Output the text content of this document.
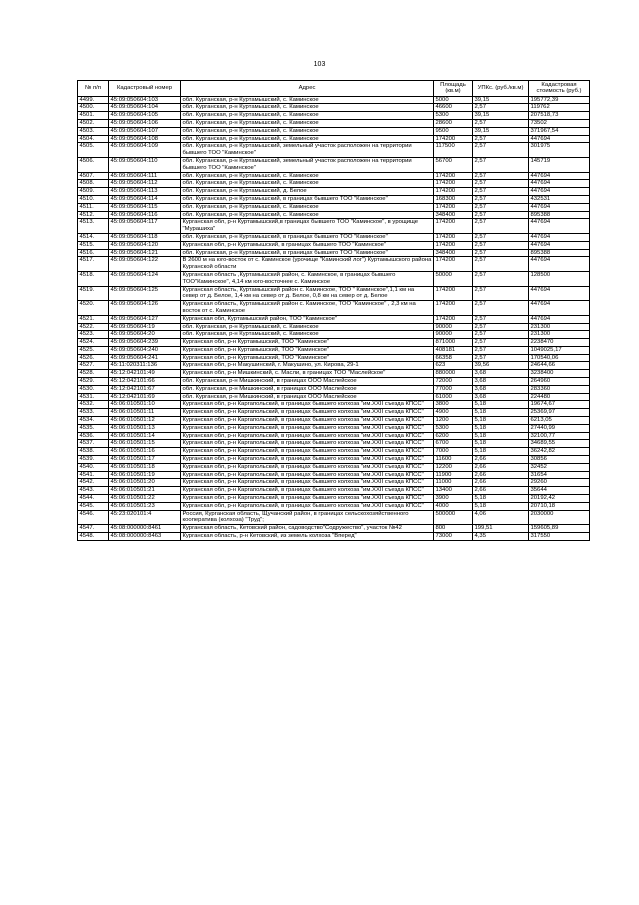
103
№ п/п	Кадастровый номер	Адрес	Площадь (кв.м)	УПКс. (руб./кв.м)	Кадастровая стоимость (руб.)
4499.	45:09:050604:103	обл. Курганская, р-н Куртамышский, с. Каминское	5000	39,15	195772,39
4500.	45:09:050604:104	обл. Курганская, р-н Куртамышский, с. Каминское	46600	2,57	119762
4501.	45:09:050604:105	обл. Курганская, р-н Куртамышский, с. Каминское	5300	39,15	207518,73
4502.	45:09:050604:106	обл. Курганская, р-н Куртамышский, с. Каминское	28600	2,57	73502
4503.	45:09:050604:107	обл. Курганская, р-н Куртамышский, с. Каминское	9500	39,15	371967,54
4504.	45:09:050604:108	обл. Курганская, р-н Куртамышский, с. Каминское	174200	2,57	447694
4505.	45:09:050604:109	обл. Курганская, р-н Куртамышский, земельный участок расположен на территории бывшего ТОО "Каминское"	117500	2,57	301975
4506.	45:09:050604:110	обл. Курганская, р-н Куртамышский, земельный участок расположен на территории бывшего ТОО "Каминское"	56700	2,57	145719
4507.	45:09:050604:111	обл. Курганская, р-н Куртамышский, с. Каминское	174200	2,57	447694
4508.	45:09:050604:112	обл. Курганская, р-н Куртамышский, с. Каминское	174200	2,57	447694
4509.	45:09:050604:113	обл. Курганская, р-н Куртамышский, д. Белое	174200	2,57	447694
4510.	45:09:050604:114	обл. Курганская, р-н Куртамышский, в границах бывшего ТОО "Каминское"	168300	2,57	432531
4511.	45:09:050604:115	обл. Курганская, р-н Куртамышский, с. Каминское	174200	2,57	447694
4512.	45:09:050604:116	обл. Курганская, р-н Куртамышский, с. Каминское	348400	2,57	895388
4513.	45:09:050604:117	Курганская обл, р-н Куртамышский,в границах бывшего ТОО "Каминское", в урощище "Мурашиха"	174200	2,57	447694
4514.	45:09:050604:118	обл. Курганская, р-н Куртамышский, в границах бывшего ТОО "Каминское"	174200	2,57	447694
4515.	45:09:050604:120	Курганская обл, р-н Куртамышский, в границах бывшего ТОО "Каминское"	174200	2,57	447694
4516.	45:09:050604:121	обл. Курганская, р-н Куртамышский, в границах бывшего ТОО "Каминское"	348400	2,57	895388
4517.	45:09:050604:122	В 2600 м на юго-восток от с. Каминское (урочище "Каминский лог") Куртамышского района Курганской области	174200	2,57	447694
4518.	45:09:050604:124	Курганская область ,Куртамышский район, с. Каминское, в границах бывшего ТОО"Каминское", 4,14 км юго-восточнее с. Каминское	50000	2,57	128500
4519.	45:09:050604:125	Курганская область, Куртамышский район с. Каминское, ТОО " Каминское",1,1 км на север от д. Белое, 1,4 км на север от д. Белое, 0,8 км на север от д. Белое	174200	2,57	447694
4520.	45:09:050604:126	Курганская область, Куртамышский район с. Каминское, ТОО "Каминское" , 2,3 км на восток от с. Каминское	174200	2,57	447694
4521.	45:09:050604:127	Курганская обл, Куртамышский район, ТОО "Каминское"	174200	2,57	447694
4522.	45:09:050604:19	обл. Курганская, р-н Куртамышский, с. Каминское	90000	2,57	231300
4523.	45:09:050604:20	обл. Курганская, р-н Куртамышский, с. Каминское	90000	2,57	231300
4524.	45:09:050604:239	Курганская обл, р-н Куртамышский, ТОО "Каминское"	871000	2,57	2238470
4525.	45:09:050604:240	Курганская обл, р-н Куртамышский, ТОО "Каминское"	408181	2,57	1049025,17
4526.	45:09:050604:241	Курганская обл, р-н Куртамышский, ТОО "Каминское"	66358	2,57	170540,06
4527.	45:11:020311:136	Курганская обл, р-н Макушинский, г. Макушино, ул. Кирова, 29-1	623	39,56	24644,66
4528.	45:12:042101:49	Курганская обл, р-н Мишкинский, с. Масли, в границах ТОО "Маслейское"	880000	3,68	3238400
4529.	45:12:042101:66	обл. Курганская, р-н Мишкинский, в границах ООО Маслейское	72000	3,68	264960
4530.	45:12:042101:67	обл. Курганская, р-н Мишкинский, в границах ООО Маслейское	77000	3,68	283360
4531.	45:12:042101:69	обл. Курганская, р-н Мишкинский, в границах ООО Маслейское	61000	3,68	224480
4532.	45:06:010501:10	Курганская обл, р-н Каргапольский, в границах бывшего колхоза "им.XXII съезда КПСС"	3800	5,18	19674,67
4533.	45:06:010501:11	Курганская обл, р-н Каргапольский, в границах бывшего колхоза "им.XXII съезда КПСС"	4900	5,18	25369,97
4534.	45:06:010501:12	Курганская обл, р-н Каргапольский, в границах бывшего колхоза "им.XXII съезда КПСС"	1200	5,18	6213,05
4535.	45:06:010501:13	Курганская обл, р-н Каргапольский, в границах бывшего колхоза "им.XXII съезда КПСС"	5300	5,18	27440,99
4536.	45:06:010501:14	Курганская обл, р-н Каргапольский, в границах бывшего колхоза "им.XXII съезда КПСС"	6200	5,18	32100,77
4537.	45:06:010501:15	Курганская обл, р-н Каргапольский, в границах бывшего колхоза "им.XXII съезда КПСС"	6700	5,18	34689,55
4538.	45:06:010501:16	Курганская обл, р-н Каргапольский, в границах бывшего колхоза "им.XXII съезда КПСС"	7000	5,18	36242,82
4539.	45:06:010501:17	Курганская обл, р-н Каргапольский, в границах бывшего колхоза "им.XXII съезда КПСС"	11600	2,66	30856
4540.	45:06:010501:18	Курганская обл, р-н Каргапольский, в границах бывшего колхоза "им.XXII съезда КПСС"	12200	2,66	32452
4541.	45:06:010501:19	Курганская обл, р-н Каргапольский, в границах бывшего колхоза "им.XXII съезда КПСС"	11900	2,66	31654
4542.	45:06:010501:20	Курганская обл, р-н Каргапольский, в границах бывшего колхоза "им.XXII съезда КПСС"	11000	2,66	29260
4543.	45:06:010501:21	Курганская обл, р-н Каргапольский, в границах бывшего колхоза "им.XXII съезда КПСС"	13400	2,66	35644
4544.	45:06:010501:22	Курганская обл, р-н Каргапольский, в границах бывшего колхоза "им.XXII съезда КПСС"	3900	5,18	20192,42
4545.	45:06:010501:23	Курганская обл, р-н Каргапольский, в границах бывшего колхоза "им.XXII съезда КПСС"	4000	5,18	20710,18
4546.	45:23:020101:4	Россия, Курганская область, Щучанский район, в границах сельскохозяйственного кооператива (колхоза) "Труд";	500000	4,06	2030000
4547.	45:08:000000:8461	Курганская область, Кетовский район, садоводство"Содружество", участок №42	800	199,51	159605,89
4548.	45:08:000000:8463	Курганская область, р-н Кетовский, из земель колхоза "Вперед"	73000	4,35	317550
